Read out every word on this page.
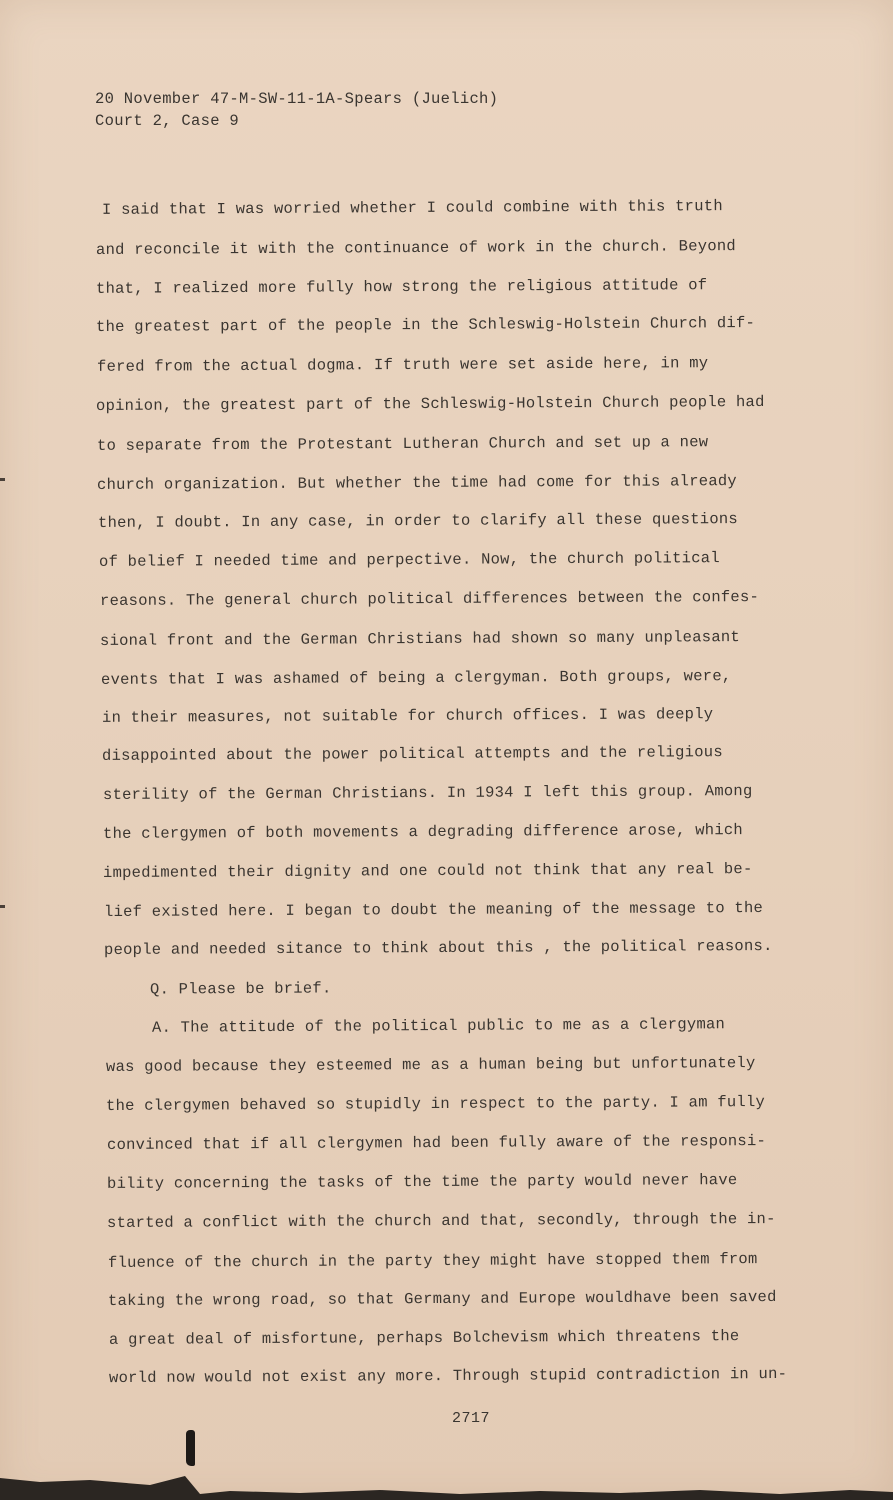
20 November 47-M-SW-11-1A-Spears (Juelich)
Court 2, Case 9
I said that I was worried whether I could combine with this truth
and reconcile it with the continuance of work in the church. Beyond
that, I realized more fully how strong the religious attitude of
the greatest part of the people in the Schleswig-Holstein Church dif-
fered from the actual dogma. If truth were set aside here, in my
opinion, the greatest part of the Schleswig-Holstein Church people had
to separate from the Protestant Lutheran Church and set up a new
church organization. But whether the time had come for this already
then, I doubt. In any case, in order to clarify all these questions
of belief I needed time and perpective. Now, the church political
reasons. The general church political differences between the confes-
sional front and the German Christians had shown so many unpleasant
events that I was ashamed of being a clergyman. Both groups, were,
in their measures, not suitable for church offices. I was deeply
disappointed about the power political attempts and the religious
sterility of the German Christians. In 1934 I left this group. Among
the clergymen of both movements a degrading difference arose, which
impedimented their dignity and one could not think that any real be-
lief existed here. I began to doubt the meaning of the message to the
people and needed sitance to think about this , the political reasons.
Q. Please be brief.
A. The attitude of the political public to me as a clergyman
was good because they esteemed me as a human being but unfortunately
the clergymen behaved so stupidly in respect to the party. I am fully
convinced that if all clergymen had been fully aware of the responsi-
bility concerning the tasks of the time the party would never have
started a conflict with the church and that, secondly, through the in-
fluence of the church in the party they might have stopped them from
taking the wrong road, so that Germany and Europe wouldhave been saved
a great deal of misfortune, perhaps Bolchevism which threatens the
world now would not exist any more. Through stupid contradiction in un-
2717
